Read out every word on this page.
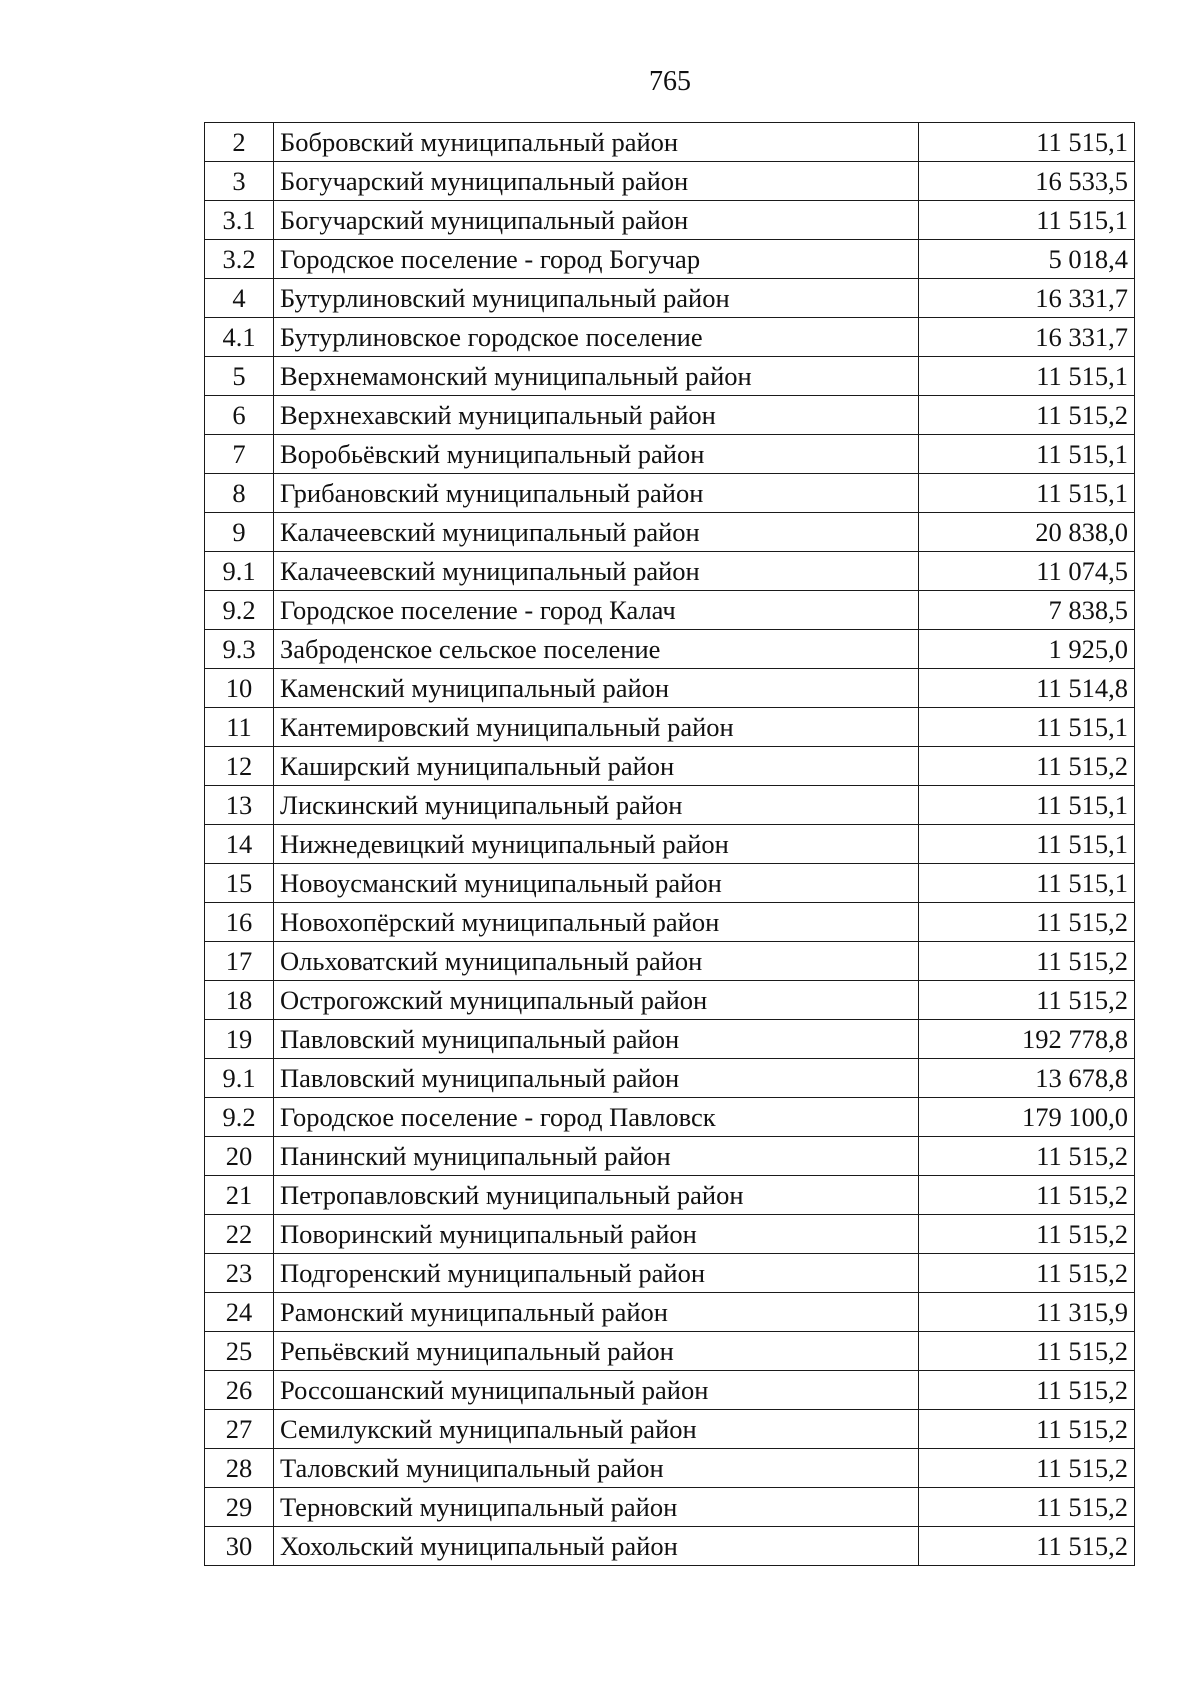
765
2	Бобровский муниципальный район	11 515,1
3	Богучарский муниципальный район	16 533,5
3.1	Богучарский муниципальный район	11 515,1
3.2	Городское поселение - город Богучар	5 018,4
4	Бутурлиновский муниципальный район	16 331,7
4.1	Бутурлиновское городское поселение	16 331,7
5	Верхнемамонский муниципальный район	11 515,1
6	Верхнехавский муниципальный район	11 515,2
7	Воробьёвский муниципальный район	11 515,1
8	Грибановский муниципальный район	11 515,1
9	Калачеевский муниципальный район	20 838,0
9.1	Калачеевский муниципальный район	11 074,5
9.2	Городское поселение - город Калач	7 838,5
9.3	Заброденское сельское поселение	1 925,0
10	Каменский муниципальный район	11 514,8
11	Кантемировский муниципальный район	11 515,1
12	Каширский муниципальный район	11 515,2
13	Лискинский муниципальный район	11 515,1
14	Нижнедевицкий муниципальный район	11 515,1
15	Новоусманский муниципальный район	11 515,1
16	Новохопёрский муниципальный район	11 515,2
17	Ольховатский муниципальный район	11 515,2
18	Острогожский муниципальный район	11 515,2
19	Павловский муниципальный район	192 778,8
9.1	Павловский муниципальный район	13 678,8
9.2	Городское поселение - город Павловск	179 100,0
20	Панинский муниципальный район	11 515,2
21	Петропавловский муниципальный район	11 515,2
22	Поворинский муниципальный район	11 515,2
23	Подгоренский муниципальный район	11 515,2
24	Рамонский муниципальный район	11 315,9
25	Репьёвский муниципальный район	11 515,2
26	Россошанский муниципальный район	11 515,2
27	Семилукский муниципальный район	11 515,2
28	Таловский муниципальный район	11 515,2
29	Терновский муниципальный район	11 515,2
30	Хохольский муниципальный район	11 515,2
